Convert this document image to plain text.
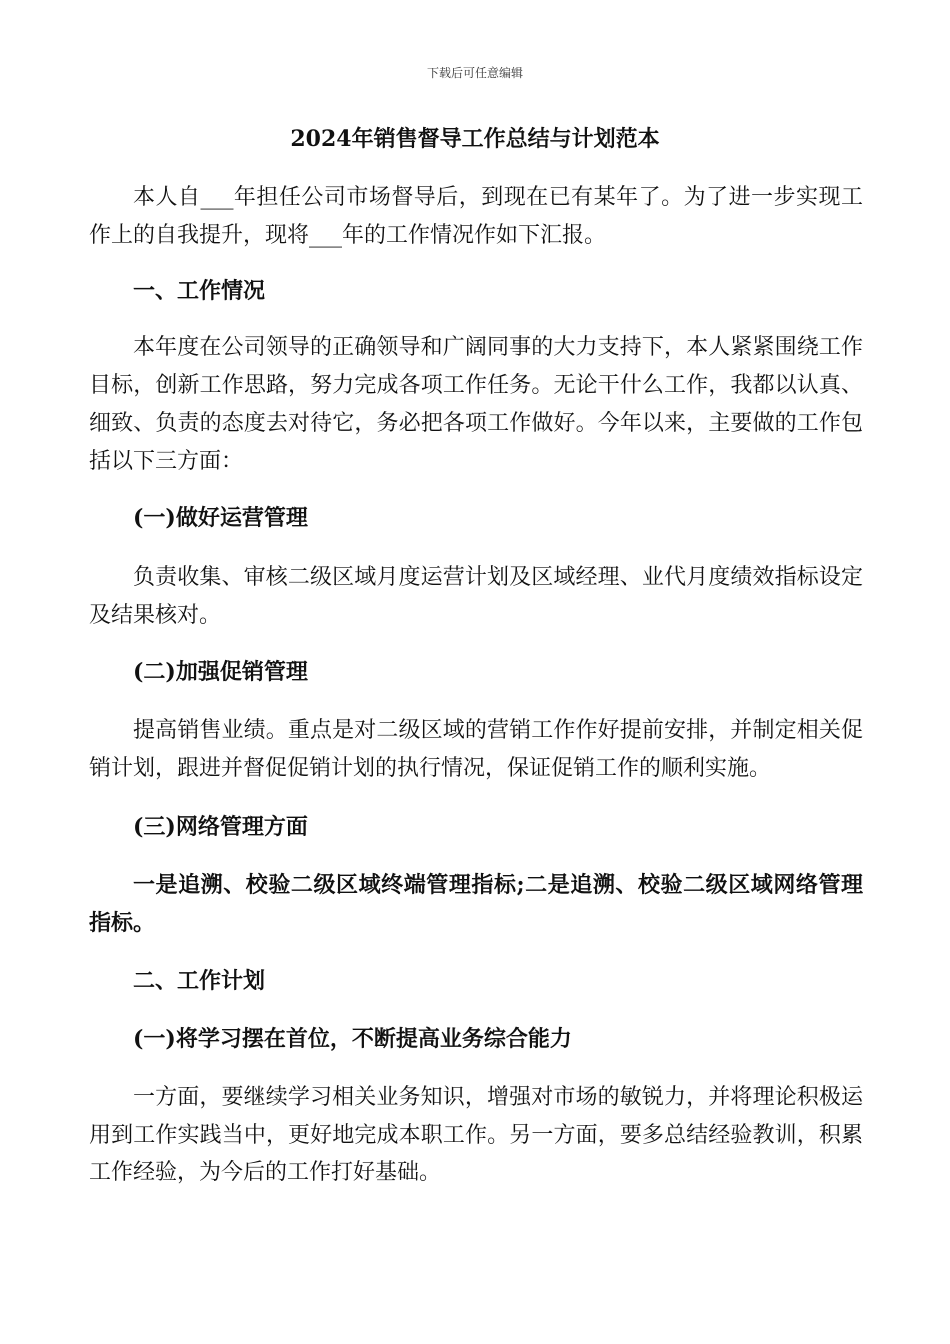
下载后可任意编辑
2024年销售督导工作总结与计划范本

本人自___年担任公司市场督导后，到现在已有某年了。为了进一步实现工作上的自我提升，现将___年的工作情况作如下汇报。

一、工作情况

本年度在公司领导的正确领导和广阔同事的大力支持下，本人紧紧围绕工作目标，创新工作思路，努力完成各项工作任务。无论干什么工作，我都以认真、细致、负责的态度去对待它，务必把各项工作做好。今年以来，主要做的工作包括以下三方面：

(一)做好运营管理

负责收集、审核二级区域月度运营计划及区域经理、业代月度绩效指标设定及结果核对。

(二)加强促销管理

提高销售业绩。重点是对二级区域的营销工作作好提前安排，并制定相关促销计划，跟进并督促促销计划的执行情况，保证促销工作的顺利实施。

(三)网络管理方面

一是追溯、校验二级区域终端管理指标;二是追溯、校验二级区域网络管理指标。

二、工作计划
(一)将学习摆在首位，不断提高业务综合能力

一方面，要继续学习相关业务知识，增强对市场的敏锐力，并将理论积极运用到工作实践当中，更好地完成本职工作。另一方面，要多总结经验教训，积累工作经验，为今后的工作打好基础。
